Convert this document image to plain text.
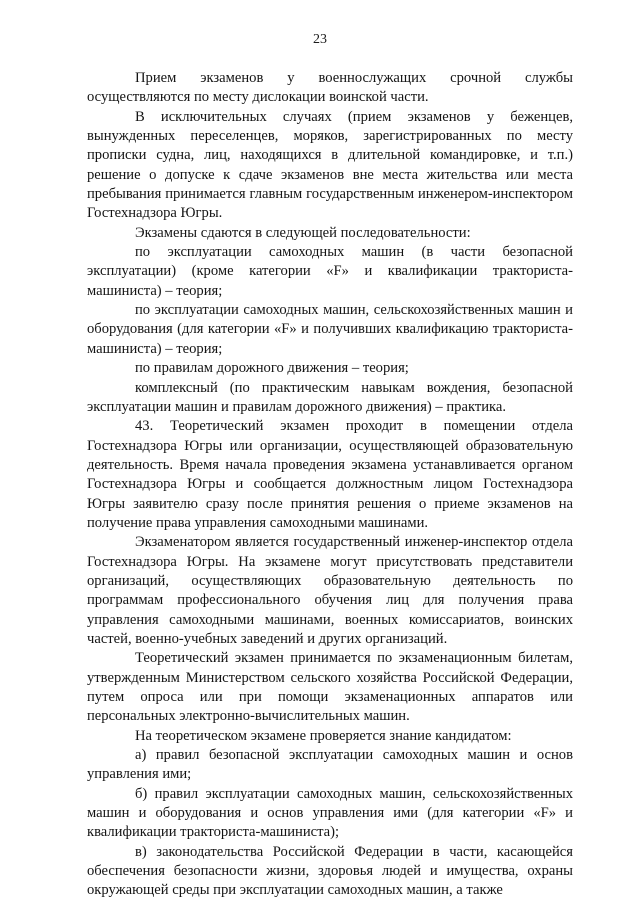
23

Прием экзаменов у военнослужащих срочной службы осуществляются по месту дислокации воинской части.

В исключительных случаях (прием экзаменов у беженцев, вынужденных переселенцев, моряков, зарегистрированных по месту прописки судна, лиц, находящихся в длительной командировке, и т.п.) решение о допуске к сдаче экзаменов вне места жительства или места пребывания принимается главным государственным инженером-инспектором Гостехнадзора Югры.

Экзамены сдаются в следующей последовательности:

по эксплуатации самоходных машин (в части безопасной эксплуатации) (кроме категории «F» и квалификации тракториста-машиниста) – теория;

по эксплуатации самоходных машин, сельскохозяйственных машин и оборудования (для категории «F» и получивших квалификацию тракториста-машиниста) – теория;

по правилам дорожного движения – теория;

комплексный (по практическим навыкам вождения, безопасной эксплуатации машин и правилам дорожного движения) – практика.

43. Теоретический экзамен проходит в помещении отдела Гостехнадзора Югры или организации, осуществляющей образовательную деятельность. Время начала проведения экзамена устанавливается органом Гостехнадзора Югры и сообщается должностным лицом Гостехнадзора Югры заявителю сразу после принятия решения о приеме экзаменов на получение права управления самоходными машинами.

Экзаменатором является государственный инженер-инспектор отдела Гостехнадзора Югры. На экзамене могут присутствовать представители организаций, осуществляющих образовательную деятельность по программам профессионального обучения лиц для получения права управления самоходными машинами, военных комиссариатов, воинских частей, военно-учебных заведений и других организаций.

Теоретический экзамен принимается по экзаменационным билетам, утвержденным Министерством сельского хозяйства Российской Федерации, путем опроса или при помощи экзаменационных аппаратов или персональных электронно-вычислительных машин.

На теоретическом экзамене проверяется знание кандидатом:

а) правил безопасной эксплуатации самоходных машин и основ управления ими;

б) правил эксплуатации самоходных машин, сельскохозяйственных машин и оборудования и основ управления ими (для категории «F» и квалификации тракториста-машиниста);

в) законодательства Российской Федерации в части, касающейся обеспечения безопасности жизни, здоровья людей и имущества, охраны окружающей среды при эксплуатации самоходных машин, а также
